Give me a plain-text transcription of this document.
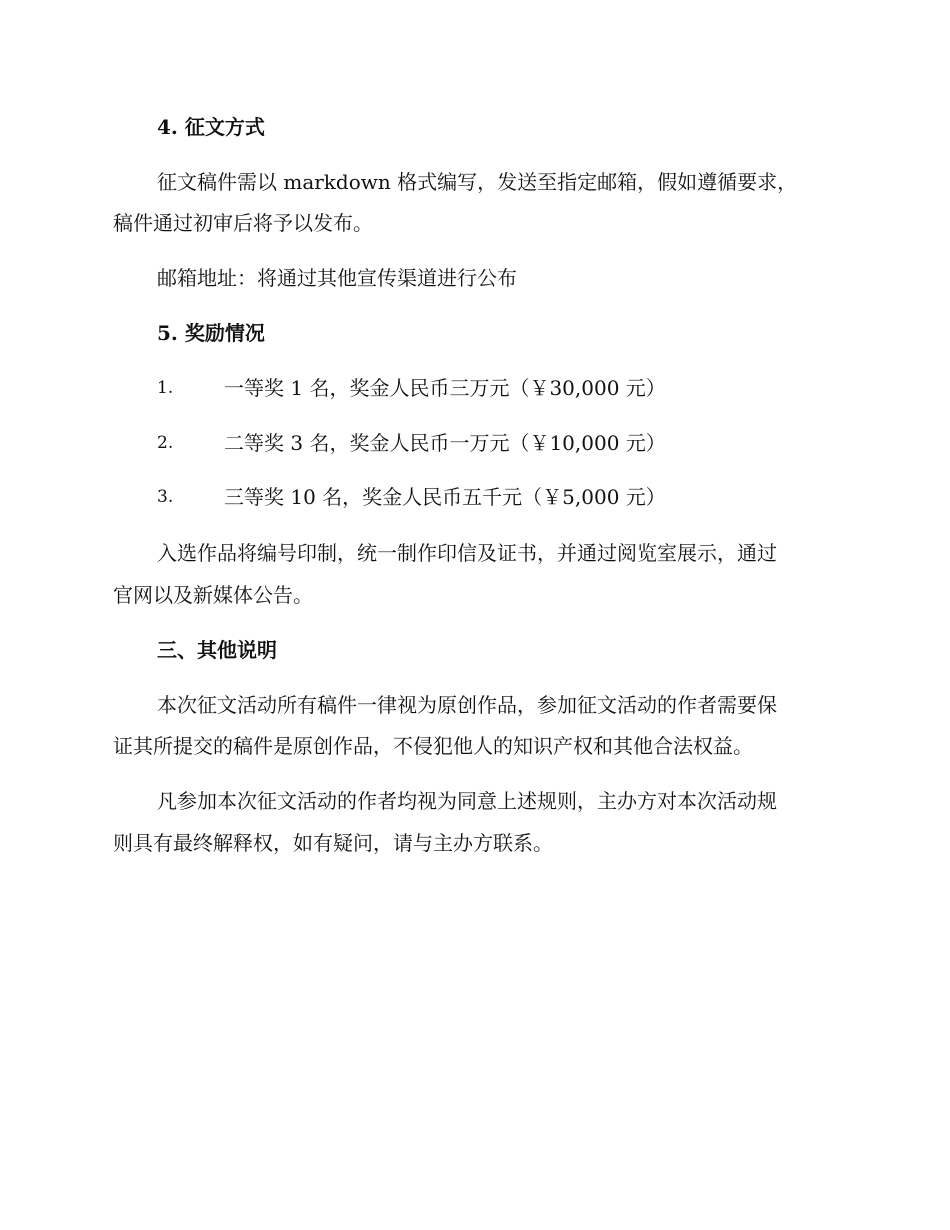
4. 征文方式
征文稿件需以 markdown 格式编写，发送至指定邮箱，假如遵循要求，
稿件通过初审后将予以发布。
邮箱地址：将通过其他宣传渠道进行公布
5. 奖励情况
1.	一等奖 1 名，奖金人民币三万元（￥30,000 元）
2.	二等奖 3 名，奖金人民币一万元（￥10,000 元）
3.	三等奖 10 名，奖金人民币五千元（￥5,000 元）
入选作品将编号印制，统一制作印信及证书，并通过阅览室展示，通过
官网以及新媒体公告。
三、其他说明
本次征文活动所有稿件一律视为原创作品，参加征文活动的作者需要保
证其所提交的稿件是原创作品，不侵犯他人的知识产权和其他合法权益。
凡参加本次征文活动的作者均视为同意上述规则，主办方对本次活动规
则具有最终解释权，如有疑问，请与主办方联系。
